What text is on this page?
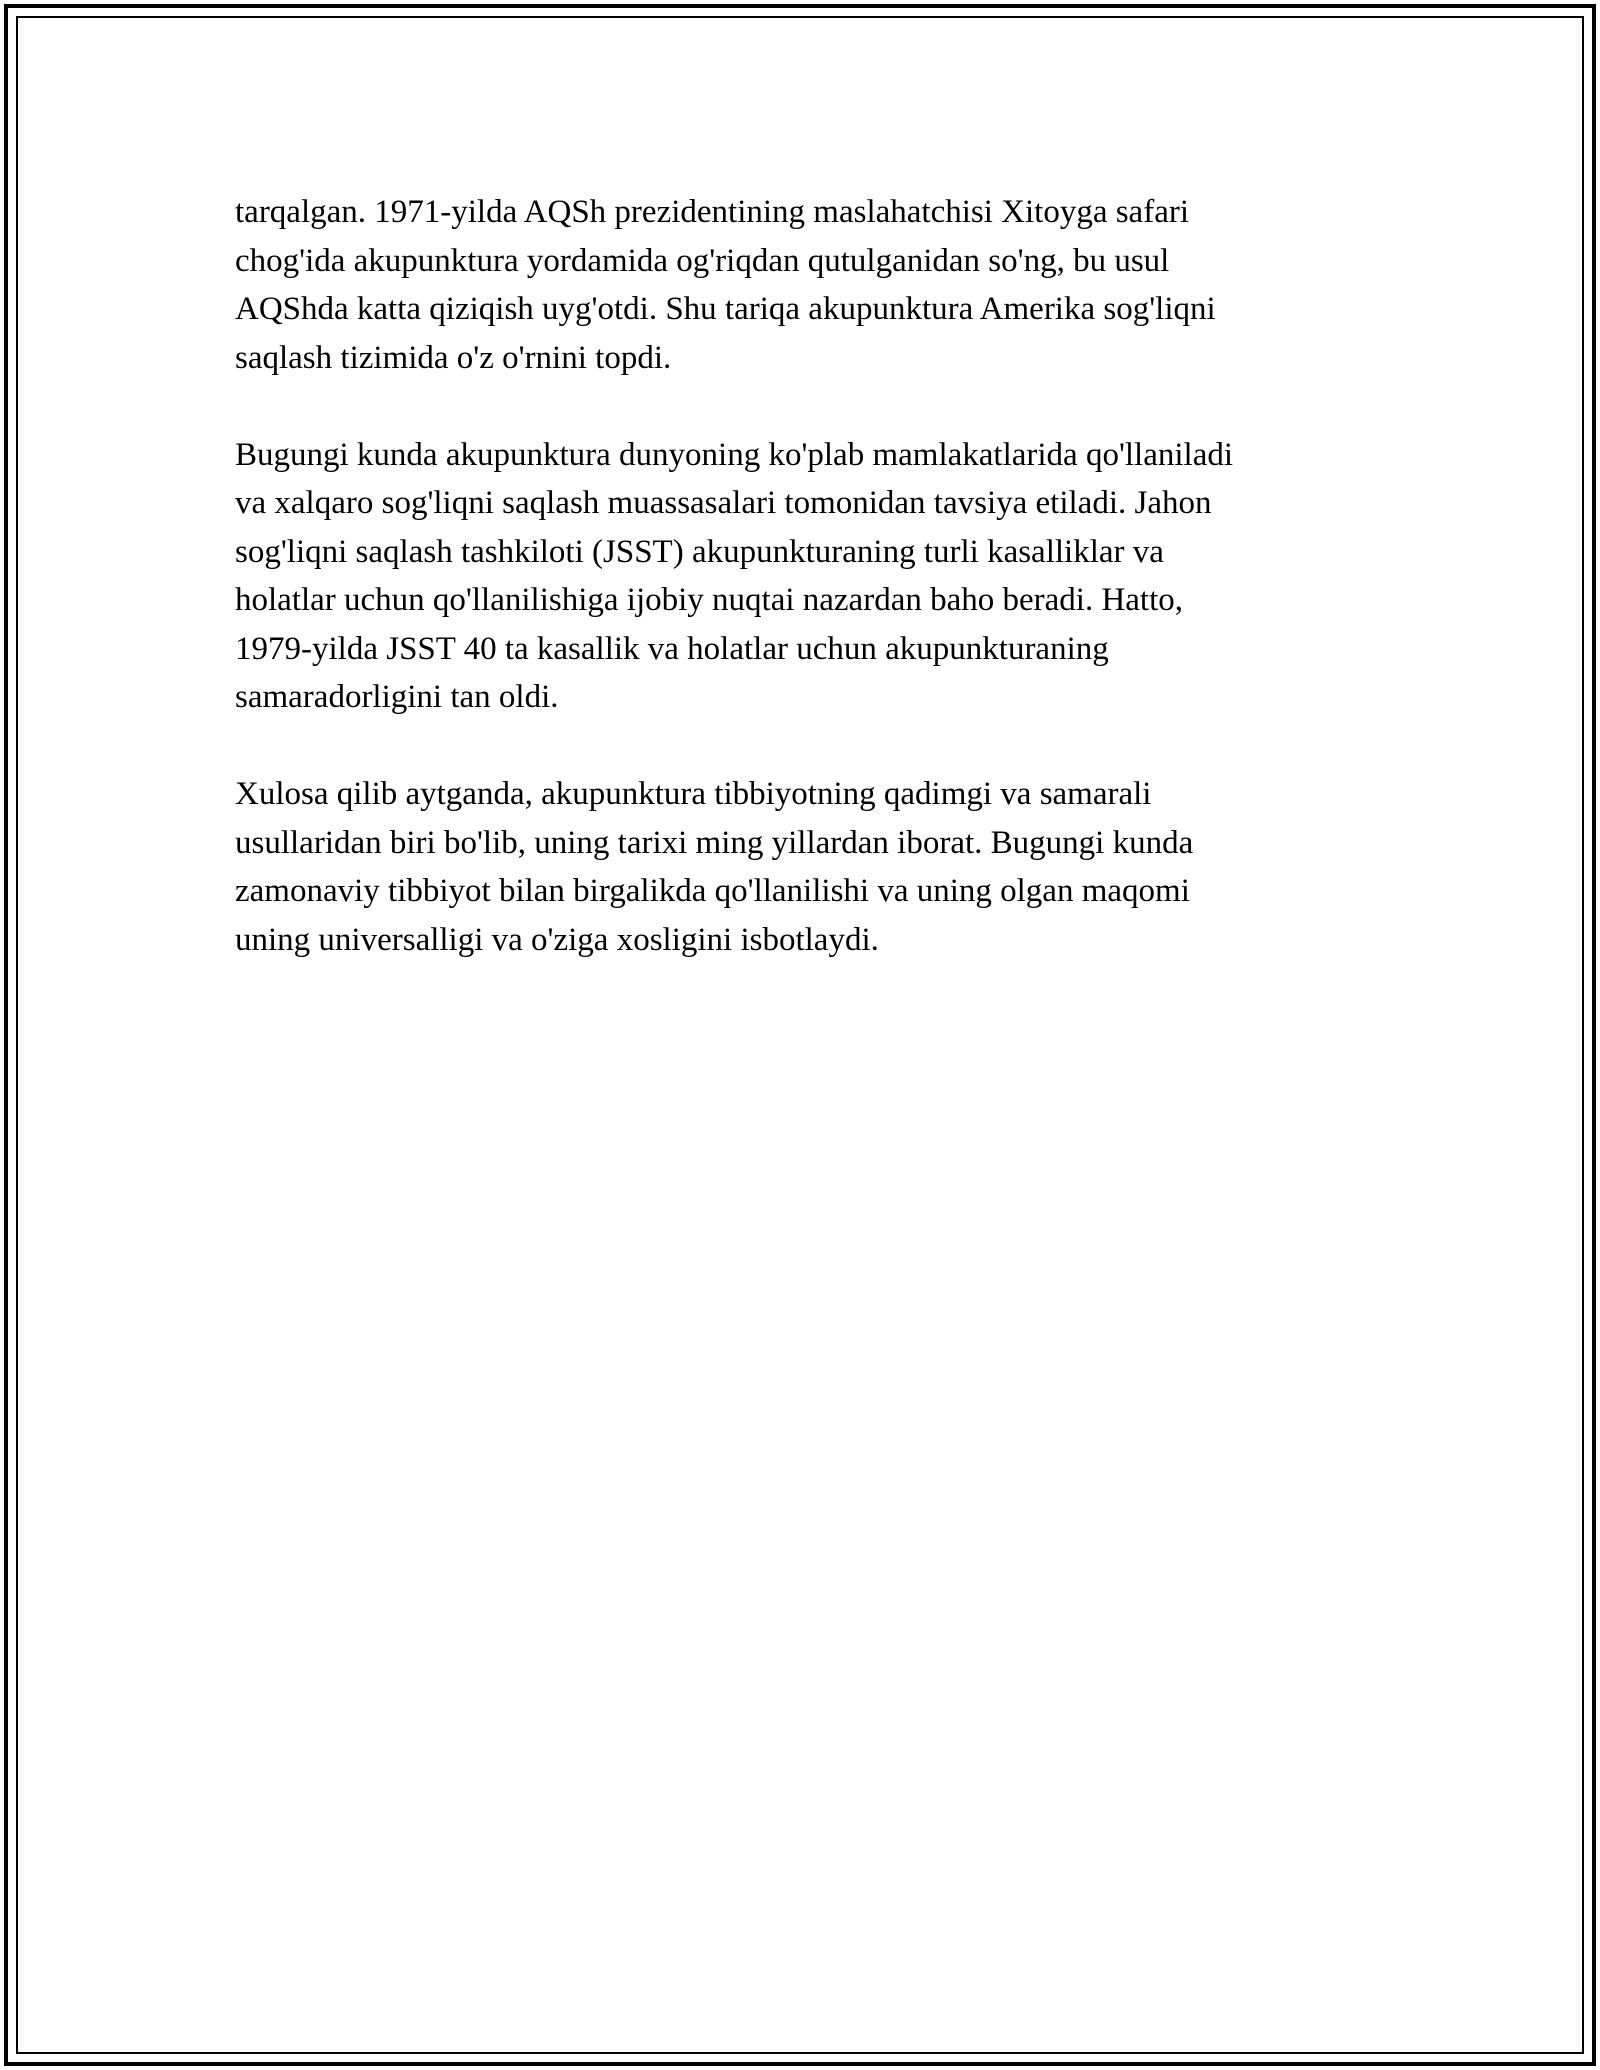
tarqalgan. 1971-yilda AQSh prezidentining maslahatchisi Xitoyga safari
chog'ida akupunktura yordamida og'riqdan qutulganidan so'ng, bu usul
AQShda katta qiziqish uyg'otdi. Shu tariqa akupunktura Amerika sog'liqni
saqlash tizimida o'z o'rnini topdi.

Bugungi kunda akupunktura dunyoning ko'plab mamlakatlarida qo'llaniladi
va xalqaro sog'liqni saqlash muassasalari tomonidan tavsiya etiladi. Jahon
sog'liqni saqlash tashkiloti (JSST) akupunkturaning turli kasalliklar va
holatlar uchun qo'llanilishiga ijobiy nuqtai nazardan baho beradi. Hatto,
1979-yilda JSST 40 ta kasallik va holatlar uchun akupunkturaning
samaradorligini tan oldi.

Xulosa qilib aytganda, akupunktura tibbiyotning qadimgi va samarali
usullaridan biri bo'lib, uning tarixi ming yillardan iborat. Bugungi kunda
zamonaviy tibbiyot bilan birgalikda qo'llanilishi va uning olgan maqomi
uning universalligi va o'ziga xosligini isbotlaydi.
